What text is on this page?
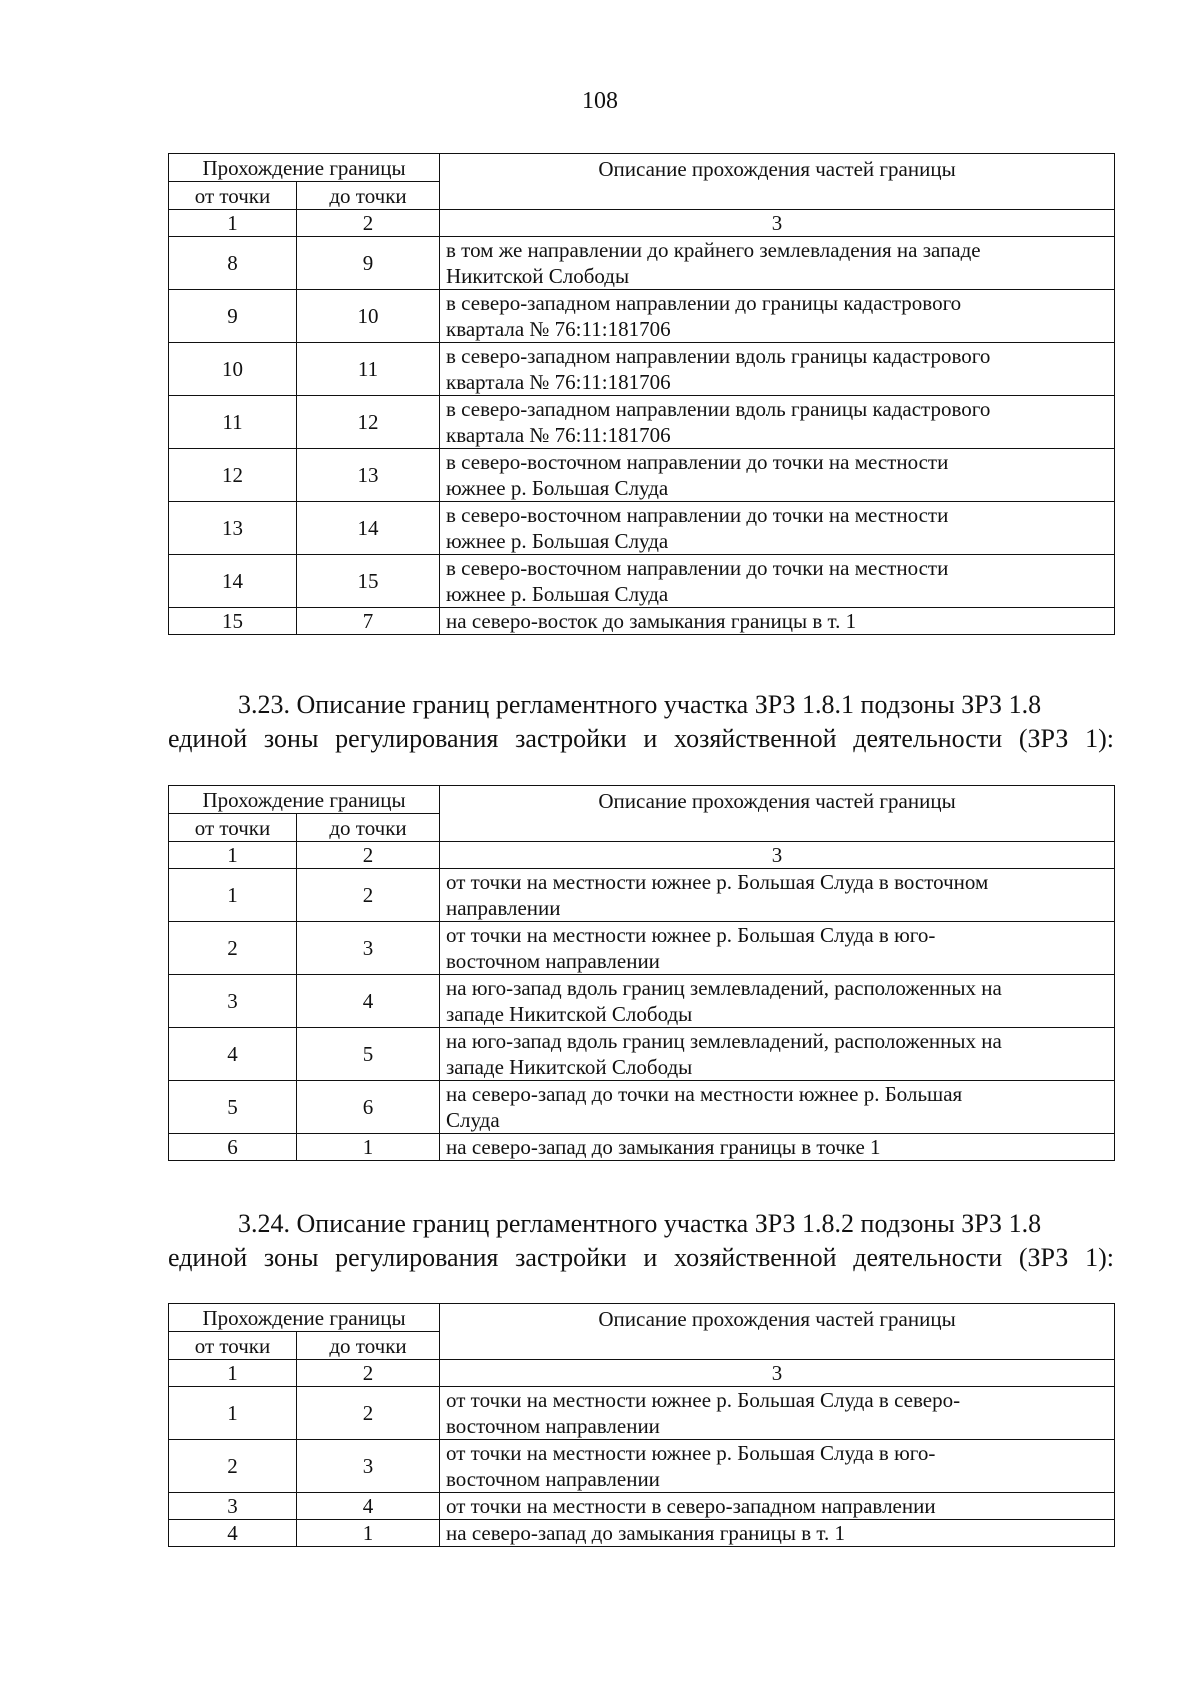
108
Прохождение границы		Описание прохождения частей границы
от точки	до точки	
1	2	3
8	9	в том же направлении до крайнего землевладения на западе
Никитской Слободы

9	10	в северо-западном направлении до границы кадастрового
квартала № 76:11:181706

10	11	в северо-западном направлении вдоль границы кадастрового
квартала № 76:11:181706

11	12	в северо-западном направлении вдоль границы кадастрового
квартала № 76:11:181706

12	13	в северо-восточном направлении до точки на местности
южнее р. Большая Слуда

13	14	в северо-восточном направлении до точки на местности
южнее р. Большая Слуда

14	15	в северо-восточном направлении до точки на местности
южнее р. Большая Слуда

15	7	на северо-восток до замыкания границы в т. 1
3.23. Описание границ регламентного участка ЗРЗ 1.8.1 подзоны ЗРЗ 1.8
единой зоны регулирования застройки и хозяйственной деятельности (ЗРЗ 1):
Прохождение границы		Описание прохождения частей границы
от точки	до точки	
1	2	3
1	2	от точки на местности южнее р. Большая Слуда в восточном
направлении

2	3	от точки на местности южнее р. Большая Слуда в юго-
восточном направлении

3	4	на юго-запад вдоль границ землевладений, расположенных на
западе Никитской Слободы

4	5	на юго-запад вдоль границ землевладений, расположенных на
западе Никитской Слободы

5	6	на северо-запад до точки на местности южнее р. Большая
Слуда

6	1	на северо-запад до замыкания границы в точке 1
3.24. Описание границ регламентного участка ЗРЗ 1.8.2 подзоны ЗРЗ 1.8
единой зоны регулирования застройки и хозяйственной деятельности (ЗРЗ 1):
Прохождение границы		Описание прохождения частей границы
от точки	до точки	
1	2	3
1	2	от точки на местности южнее р. Большая Слуда в северо-
восточном направлении

2	3	от точки на местности южнее р. Большая Слуда в юго-
восточном направлении

3	4	от точки на местности в северо-западном направлении

4	1	на северо-запад до замыкания границы в т. 1
